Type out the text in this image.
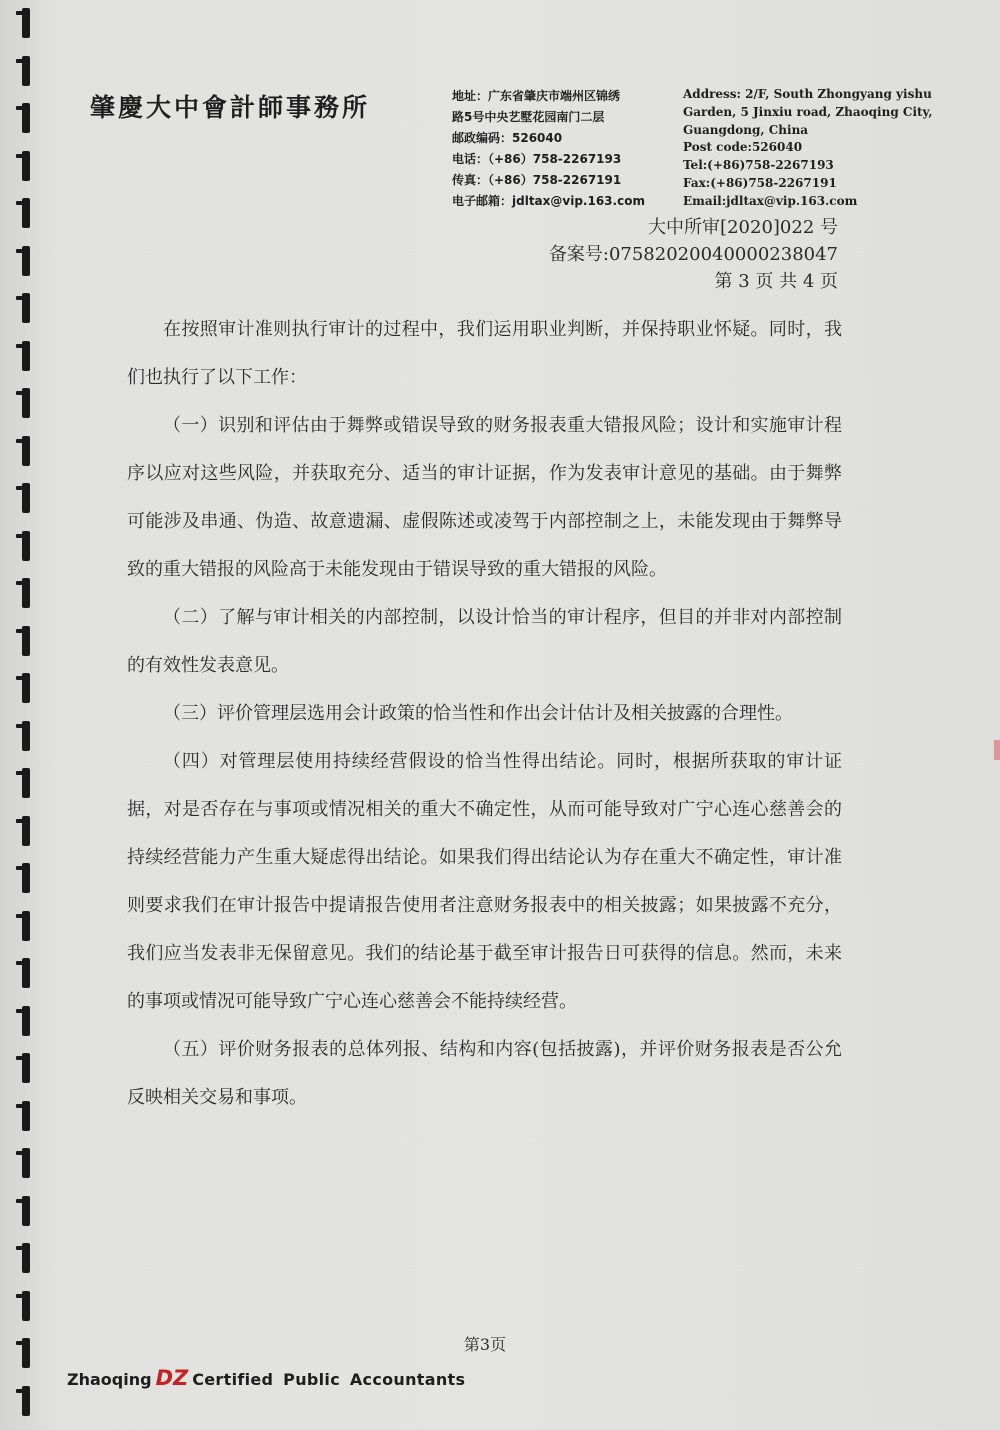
肇慶大中會計師事務所	地址：广东省肇庆市端州区锦绣
路5号中央艺墅花园南门二层
邮政编码：526040
电话：（+86）758-2267193
传真：（+86）758-2267191
电子邮箱：jdltax@vip.163.com
Address: 2/F, South Zhongyang yishu
Garden, 5 Jinxiu road, Zhaoqing City,
Guangdong, China
Post code:526040
Tel:(+86)758-2267193
Fax:(+86)758-2267191
Email:jdltax@vip.163.com
大中所审[2020]022 号
备案号:07582020040000238047
第 3 页 共 4 页

在按照审计准则执行审计的过程中，我们运用职业判断，并保持职业怀疑。同时，我们也执行了以下工作：

（一）识别和评估由于舞弊或错误导致的财务报表重大错报风险；设计和实施审计程序以应对这些风险，并获取充分、适当的审计证据，作为发表审计意见的基础。由于舞弊可能涉及串通、伪造、故意遗漏、虚假陈述或凌驾于内部控制之上，未能发现由于舞弊导致的重大错报的风险高于未能发现由于错误导致的重大错报的风险。

（二）了解与审计相关的内部控制，以设计恰当的审计程序，但目的并非对内部控制的有效性发表意见。

（三）评价管理层选用会计政策的恰当性和作出会计估计及相关披露的合理性。

（四）对管理层使用持续经营假设的恰当性得出结论。同时，根据所获取的审计证据，对是否存在与事项或情况相关的重大不确定性，从而可能导致对广宁心连心慈善会的持续经营能力产生重大疑虑得出结论。如果我们得出结论认为存在重大不确定性，审计准则要求我们在审计报告中提请报告使用者注意财务报表中的相关披露；如果披露不充分，我们应当发表非无保留意见。我们的结论基于截至审计报告日可获得的信息。然而，未来的事项或情况可能导致广宁心连心慈善会不能持续经营。

（五）评价财务报表的总体列报、结构和内容(包括披露)，并评价财务报表是否公允反映相关交易和事项。

第3页
Zhaoqing DZ Certified Public Accountants
